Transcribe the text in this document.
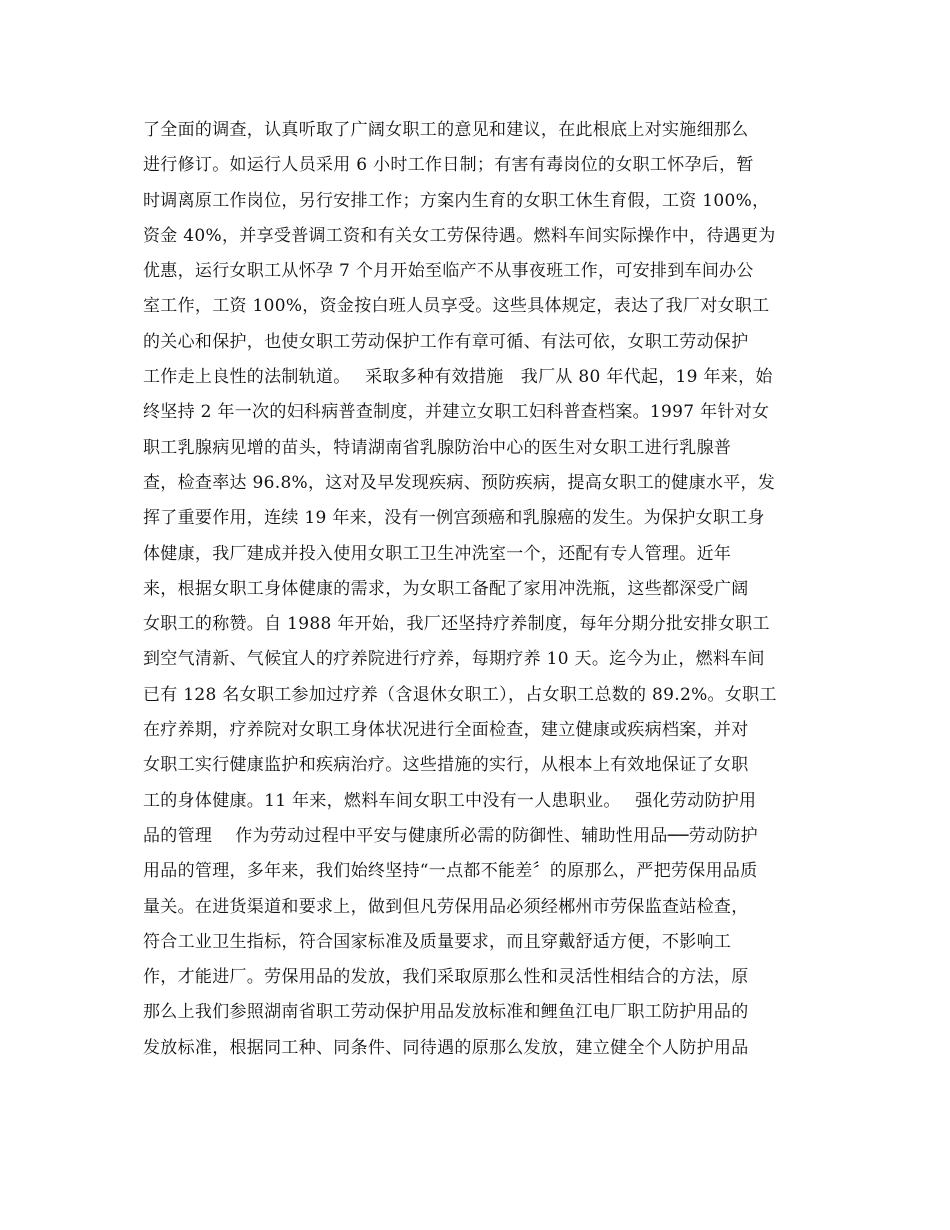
了全面的调查，认真听取了广阔女职工的意见和建议，在此根底上对实施细那么
进行修订。如运行人员采用 6 小时工作日制；有害有毒岗位的女职工怀孕后，暂
时调离原工作岗位，另行安排工作；方案内生育的女职工休生育假，工资 100%，
资金 40%，并享受普调工资和有关女工劳保待遇。燃料车间实际操作中，待遇更为
优惠，运行女职工从怀孕 7 个月开始至临产不从事夜班工作，可安排到车间办公
室工作，工资 100%，资金按白班人员享受。这些具体规定，表达了我厂对女职工
的关心和保护，也使女职工劳动保护工作有章可循、有法可依，女职工劳动保护
工作走上良性的法制轨道。　 采取多种有效措施　我厂从 80 年代起，19 年来，始
终坚持 2 年一次的妇科病普查制度，并建立女职工妇科普查档案。1997 年针对女
职工乳腺病见增的苗头，特请湖南省乳腺防治中心的医生对女职工进行乳腺普
查，检查率达 96.8%，这对及早发现疾病、预防疾病，提高女职工的健康水平，发
挥了重要作用，连续 19 年来，没有一例宫颈癌和乳腺癌的发生。为保护女职工身
体健康，我厂建成并投入使用女职工卫生冲洗室一个，还配有专人管理。近年
来，根据女职工身体健康的需求，为女职工备配了家用冲洗瓶，这些都深受广阔
女职工的称赞。自 1988 年开始，我厂还坚持疗养制度，每年分期分批安排女职工
到空气清新、气候宜人的疗养院进行疗养，每期疗养 10 天。迄今为止，燃料车间
已有 128 名女职工参加过疗养（含退休女职工），占女职工总数的 89.2%。女职工
在疗养期，疗养院对女职工身体状况进行全面检查，建立健康或疾病档案，并对
女职工实行健康监护和疾病治疗。这些措施的实行，从根本上有效地保证了女职
工的身体健康。11 年来，燃料车间女职工中没有一人患职业。　 强化劳动防护用
品的管理　 作为劳动过程中平安与健康所必需的防御性、辅助性用品──劳动防护
用品的管理，多年来，我们始终坚持“一点都不能差〞的原那么，严把劳保用品质
量关。在进货渠道和要求上，做到但凡劳保用品必须经郴州市劳保监查站检查，
符合工业卫生指标，符合国家标准及质量要求，而且穿戴舒适方便，不影响工
作，才能进厂。劳保用品的发放，我们采取原那么性和灵活性相结合的方法，原
那么上我们参照湖南省职工劳动保护用品发放标准和鲤鱼江电厂职工防护用品的
发放标准，根据同工种、同条件、同待遇的原那么发放，建立健全个人防护用品
